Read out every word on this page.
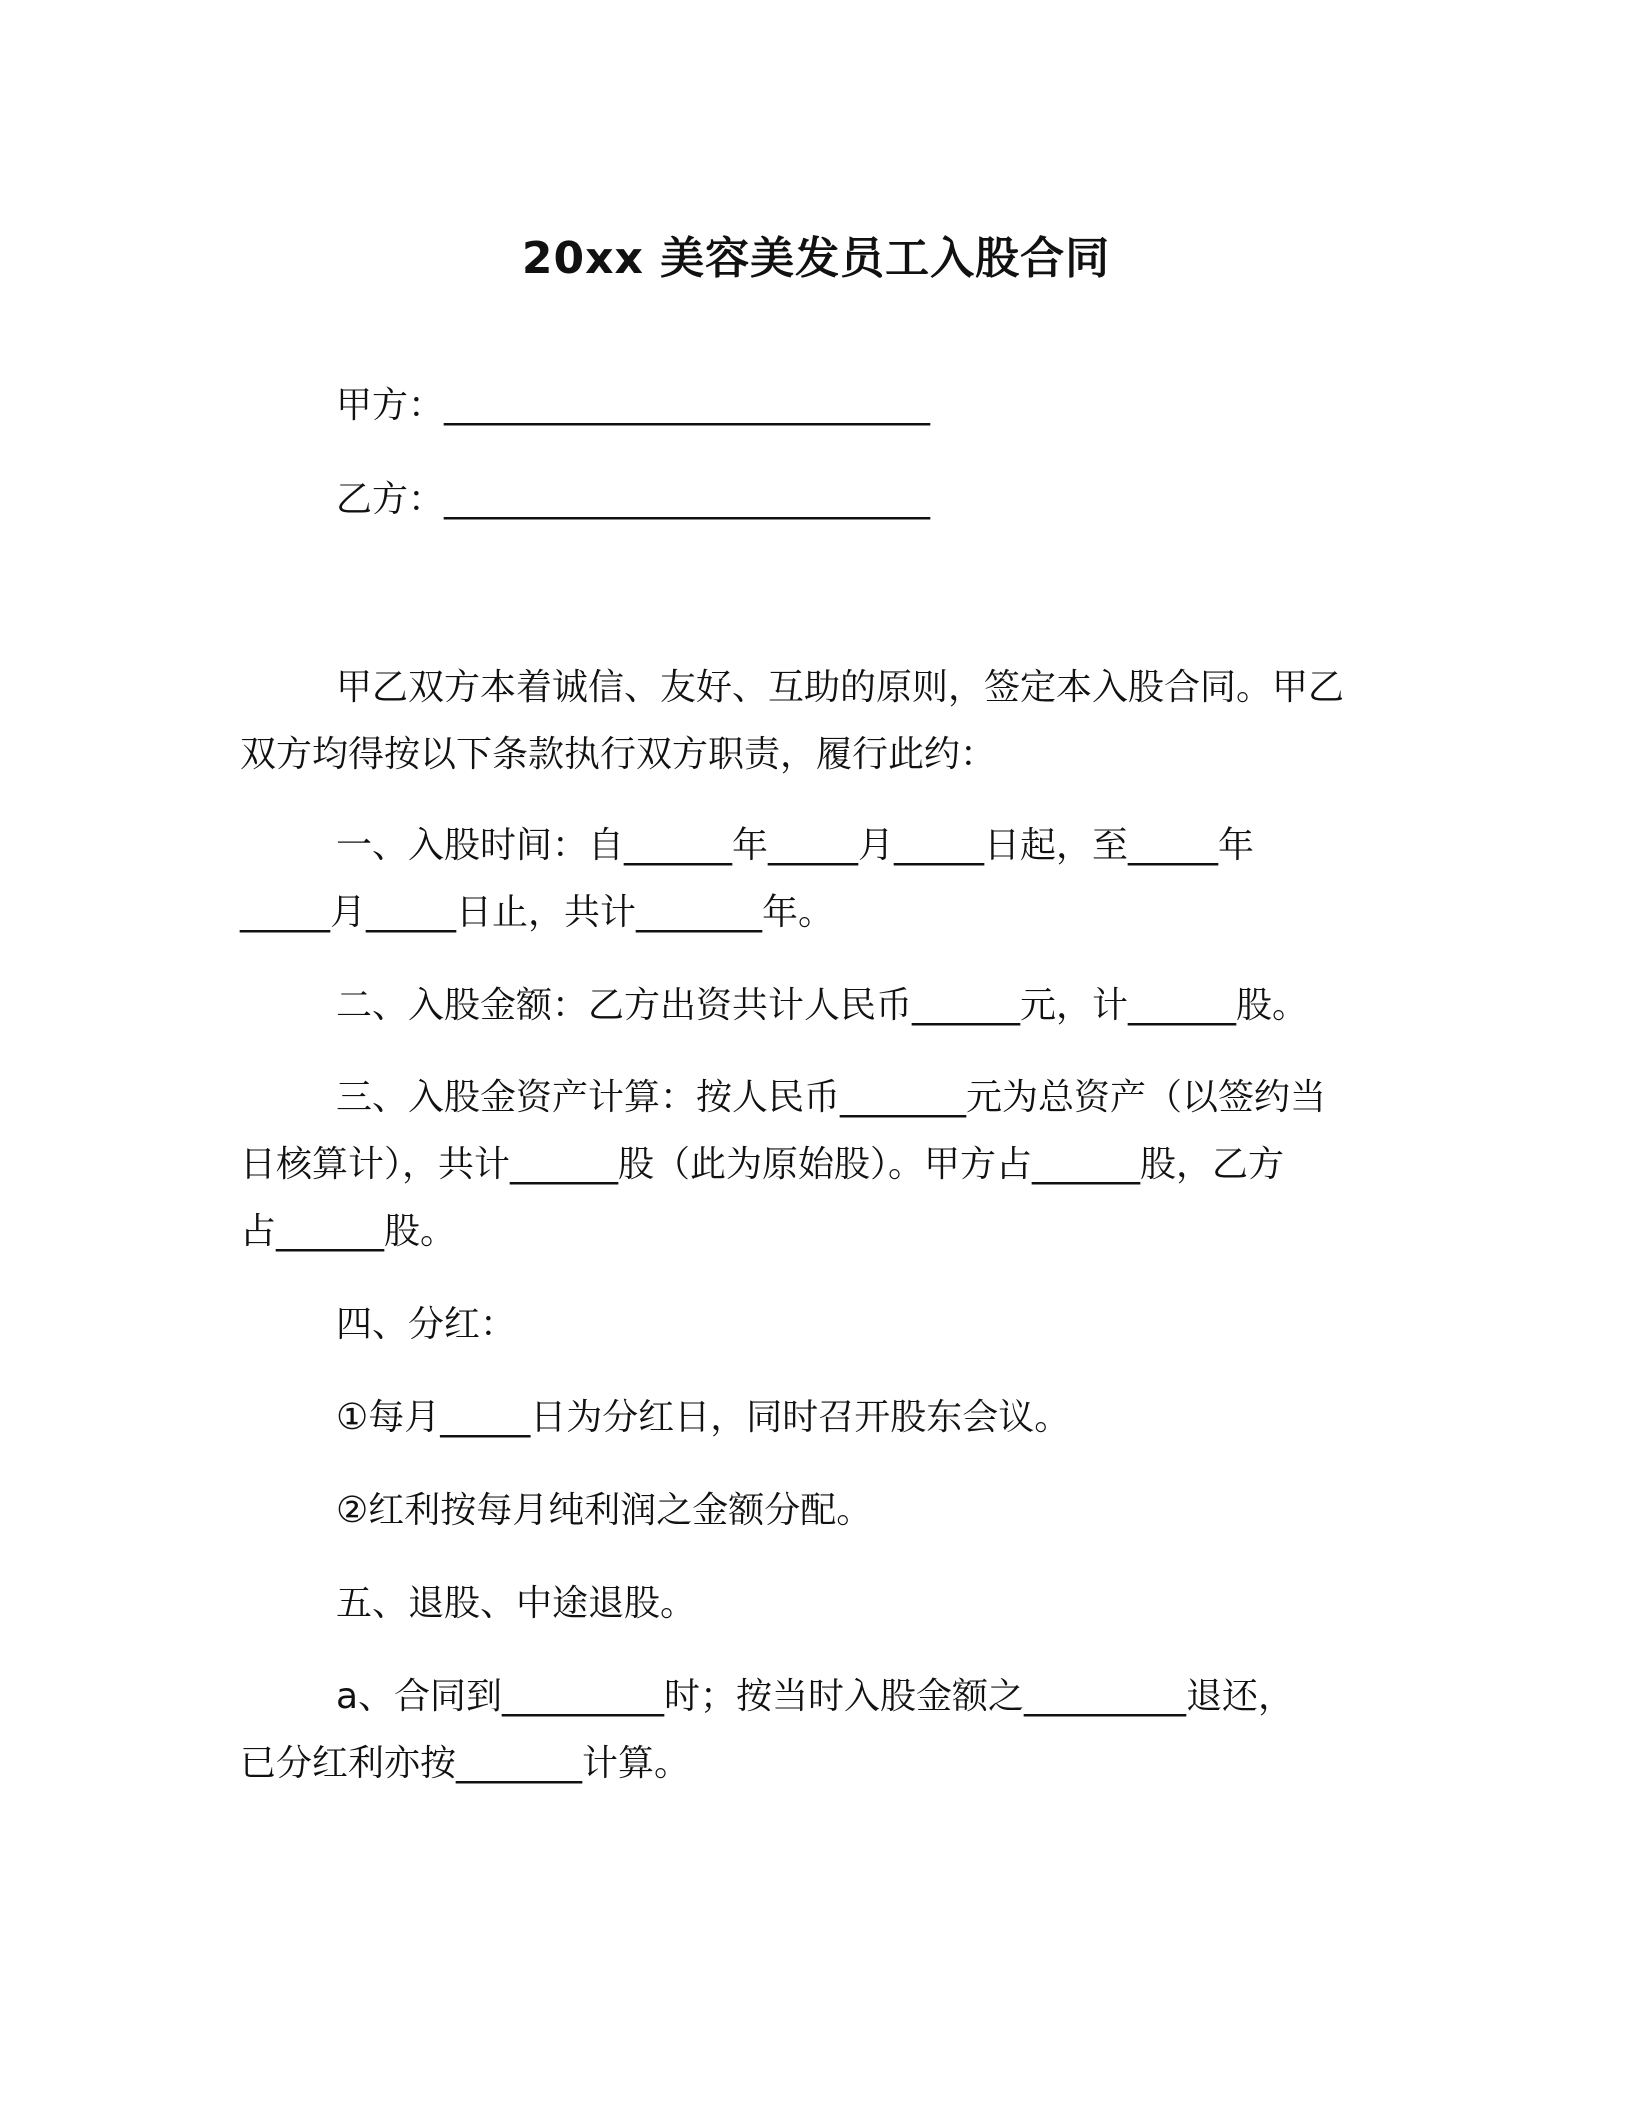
20xx 美容美发员工入股合同
甲方：___________________________
乙方：___________________________
甲乙双方本着诚信、友好、互助的原则，签定本入股合同。甲乙
双方均得按以下条款执行双方职责，履行此约：
一、入股时间：自______年_____月_____日起，至_____年
_____月_____日止，共计_______年。
二、入股金额：乙方出资共计人民币______元，计______股。
三、入股金资产计算：按人民币_______元为总资产（以签约当
日核算计），共计______股（此为原始股）。甲方占______股，乙方
占______股。
四、分红：
①每月_____日为分红日，同时召开股东会议。
②红利按每月纯利润之金额分配。
五、退股、中途退股。
a、合同到_________时；按当时入股金额之_________退还，
已分红利亦按_______计算。
